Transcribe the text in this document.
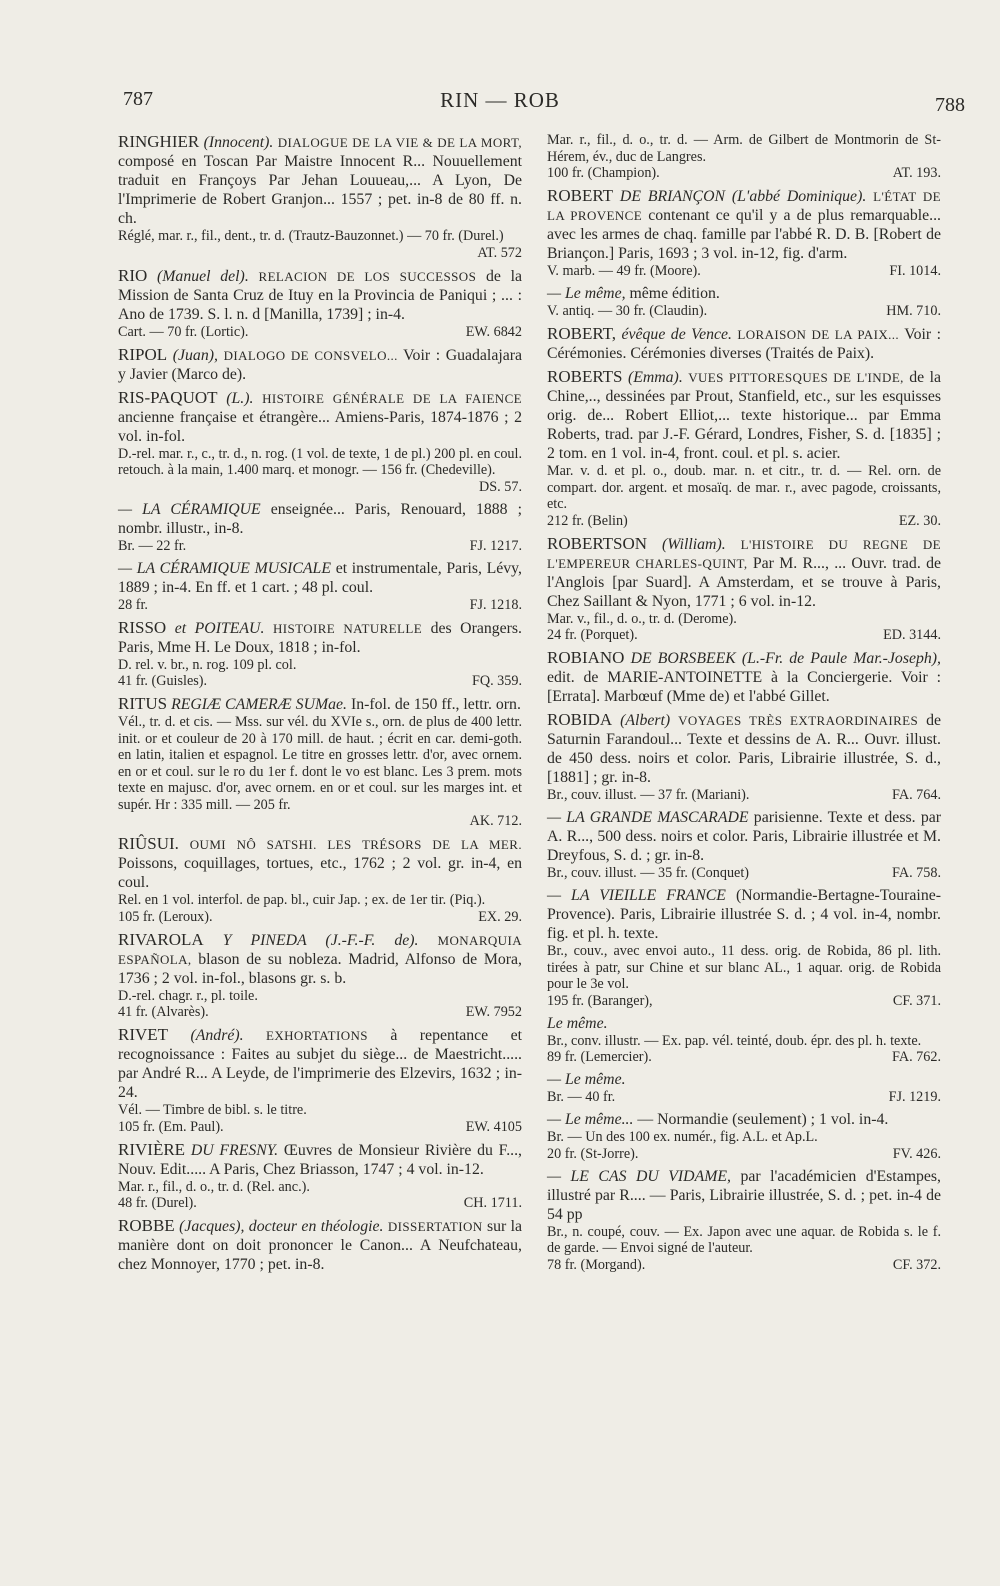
787	RIN — ROB	788
RINGHIER (Innocent). DIALOGUE DE LA VIE & DE LA MORT, composé en Toscan Par Maistre Innocent R... Nouuellement traduit en Françoys Par Jehan Louueau,... A Lyon, De l'Imprimerie de Robert Granjon... 1557 ; pet. in-8 de 80 ff. n. ch.
Réglé, mar. r., fil., dent., tr. d. (Trautz-Bauzonnet.) — 70 fr. (Durel.)
AT. 572
RIO (Manuel del). RELACION DE LOS SUCCESSOS de la Mission de Santa Cruz de Ituy en la Provincia de Paniqui ; ... : Ano de 1739. S. l. n. d [Manilla, 1739] ; in-4.
Cart. — 70 fr. (Lortic).	EW. 6842
RIPOL (Juan), DIALOGO DE CONSVELO... Voir : Guadalajara y Javier (Marco de).
RIS-PAQUOT (L.). HISTOIRE GÉNÉRALE DE LA FAIENCE ancienne française et étrangère... Amiens-Paris, 1874-1876 ; 2 vol. in-fol.
D.-rel. mar. r., c., tr. d., n. rog. (1 vol. de texte, 1 de pl.) 200 pl. en coul. retouch. à la main, 1.400 marq. et monogr. — 156 fr. (Chedeville).
DS. 57.
— LA CÉRAMIQUE enseignée... Paris, Renouard, 1888 ; nombr. illustr., in-8.
Br. — 22 fr.	FJ. 1217.
— LA CÉRAMIQUE MUSICALE et instrumentale, Paris, Lévy, 1889 ; in-4. En ff. et 1 cart. ; 48 pl. coul.
28 fr.	FJ. 1218.
RISSO et POITEAU. HISTOIRE NATURELLE des Orangers. Paris, Mme H. Le Doux, 1818 ; in-fol.
D. rel. v. br., n. rog. 109 pl. col.
41 fr. (Guisles).	FQ. 359.
RITUS REGIÆ CAMERÆ SUMae. In-fol. de 150 ff., lettr. orn.
Vél., tr. d. et cis. — Mss. sur vél. du XVIe s., orn. de plus de 400 lettr. init. or et couleur de 20 à 170 mill. de haut. ; écrit en car. demi-goth. en latin, italien et espagnol. Le titre en grosses lettr. d'or, avec ornem. en or et coul. sur le ro du 1er f. dont le vo est blanc. Les 3 prem. mots texte en majusc. d'or, avec ornem. en or et coul. sur les marges int. et supér. Hr : 335 mill. — 205 fr.
AK. 712.
RIÛSUI. OUMI NÔ SATSHI. LES TRÉSORS DE LA MER. Poissons, coquillages, tortues, etc., 1762 ; 2 vol. gr. in-4, en coul.
Rel. en 1 vol. interfol. de pap. bl., cuir Jap. ; ex. de 1er tir. (Piq.).
105 fr. (Leroux).	EX. 29.
RIVAROLA Y PINEDA (J.-F.-F. de). MONARQUIA ESPAÑOLA, blason de su nobleza. Madrid, Alfonso de Mora, 1736 ; 2 vol. in-fol., blasons gr. s. b.
D.-rel. chagr. r., pl. toile.
41 fr. (Alvarès).	EW. 7952
RIVET (André). EXHORTATIONS à repentance et recognoissance : Faites au subjet du siège... de Maestricht..... par André R... A Leyde, de l'imprimerie des Elzevirs, 1632 ; in-24.
Vél. — Timbre de bibl. s. le titre.
105 fr. (Em. Paul).	EW. 4105
RIVIÈRE DU FRESNY. Œuvres de Monsieur Rivière du F..., Nouv. Edit..... A Paris, Chez Briasson, 1747 ; 4 vol. in-12.
Mar. r., fil., d. o., tr. d. (Rel. anc.).
48 fr. (Durel).	CH. 1711.
ROBBE (Jacques), docteur en théologie. DISSERTATION sur la manière dont on doit prononcer le Canon... A Neufchateau, chez Monnoyer, 1770 ; pet. in-8.
Mar. r., fil., d. o., tr. d. — Arm. de Gilbert de Montmorin de St-Hérem, év., duc de Langres.
100 fr. (Champion).	AT. 193.
ROBERT DE BRIANÇON (L'abbé Dominique). L'ÉTAT DE LA PROVENCE contenant ce qu'il y a de plus remarquable... avec les armes de chaq. famille par l'abbé R. D. B. [Robert de Briançon.] Paris, 1693 ; 3 vol. in-12, fig. d'arm.
V. marb. — 49 fr. (Moore).	FI. 1014.
— Le même, même édition.
V. antiq. — 30 fr. (Claudin).	HM. 710.
ROBERT, évêque de Vence. LORAISON DE LA PAIX... Voir : Cérémonies. Cérémonies diverses (Traités de Paix).
ROBERTS (Emma). VUES PITTORESQUES DE L'INDE, de la Chine,.., dessinées par Prout, Stanfield, etc., sur les esquisses orig. de... Robert Elliot,... texte historique... par Emma Roberts, trad. par J.-F. Gérard, Londres, Fisher, S. d. [1835] ; 2 tom. en 1 vol. in-4, front. coul. et pl. s. acier.
Mar. v. d. et pl. o., doub. mar. n. et citr., tr. d. — Rel. orn. de compart. dor. argent. et mosaïq. de mar. r., avec pagode, croissants, etc.
212 fr. (Belin)	EZ. 30.
ROBERTSON (William). L'HISTOIRE DU REGNE DE L'EMPEREUR CHARLES-QUINT, Par M. R..., ... Ouvr. trad. de l'Anglois [par Suard]. A Amsterdam, et se trouve à Paris, Chez Saillant & Nyon, 1771 ; 6 vol. in-12.
Mar. v., fil., d. o., tr. d. (Derome).
24 fr. (Porquet).	ED. 3144.
ROBIANO DE BORSBEEK (L.-Fr. de Paule Mar.-Joseph), edit. de MARIE-ANTOINETTE à la Conciergerie. Voir : [Errata]. Marbœuf (Mme de) et l'abbé Gillet.
ROBIDA (Albert) VOYAGES TRÈS EXTRAORDINAIRES de Saturnin Farandoul... Texte et dessins de A. R... Ouvr. illust. de 450 dess. noirs et color. Paris, Librairie illustrée, S. d., [1881] ; gr. in-8.
Br., couv. illust. — 37 fr. (Mariani).	FA. 764.
— LA GRANDE MASCARADE parisienne. Texte et dess. par A. R..., 500 dess. noirs et color. Paris, Librairie illustrée et M. Dreyfous, S. d. ; gr. in-8.
Br., couv. illust. — 35 fr. (Conquet)	FA. 758.
— LA VIEILLE FRANCE (Normandie-Bertagne-Touraine-Provence). Paris, Librairie illustrée S. d. ; 4 vol. in-4, nombr. fig. et pl. h. texte.
Br., couv., avec envoi auto., 11 dess. orig. de Robida, 86 pl. lith. tirées à patr, sur Chine et sur blanc AL., 1 aquar. orig. de Robida pour le 3e vol.
195 fr. (Baranger),	CF. 371.
Le même.
Br., conv. illustr. — Ex. pap. vél. teinté, doub. épr. des pl. h. texte.
89 fr. (Lemercier).	FA. 762.
— Le même.
Br. — 40 fr.	FJ. 1219.
— Le même... — Normandie (seulement) ; 1 vol. in-4.
Br. — Un des 100 ex. numér., fig. A.L. et Ap.L.
20 fr. (St-Jorre).	FV. 426.
— LE CAS DU VIDAME, par l'académicien d'Estampes, illustré par R.... — Paris, Librairie illustrée, S. d. ; pet. in-4 de 54 pp
Br., n. coupé, couv. — Ex. Japon avec une aquar. de Robida s. le f. de garde. — Envoi signé de l'auteur.
78 fr. (Morgand).	CF. 372.
